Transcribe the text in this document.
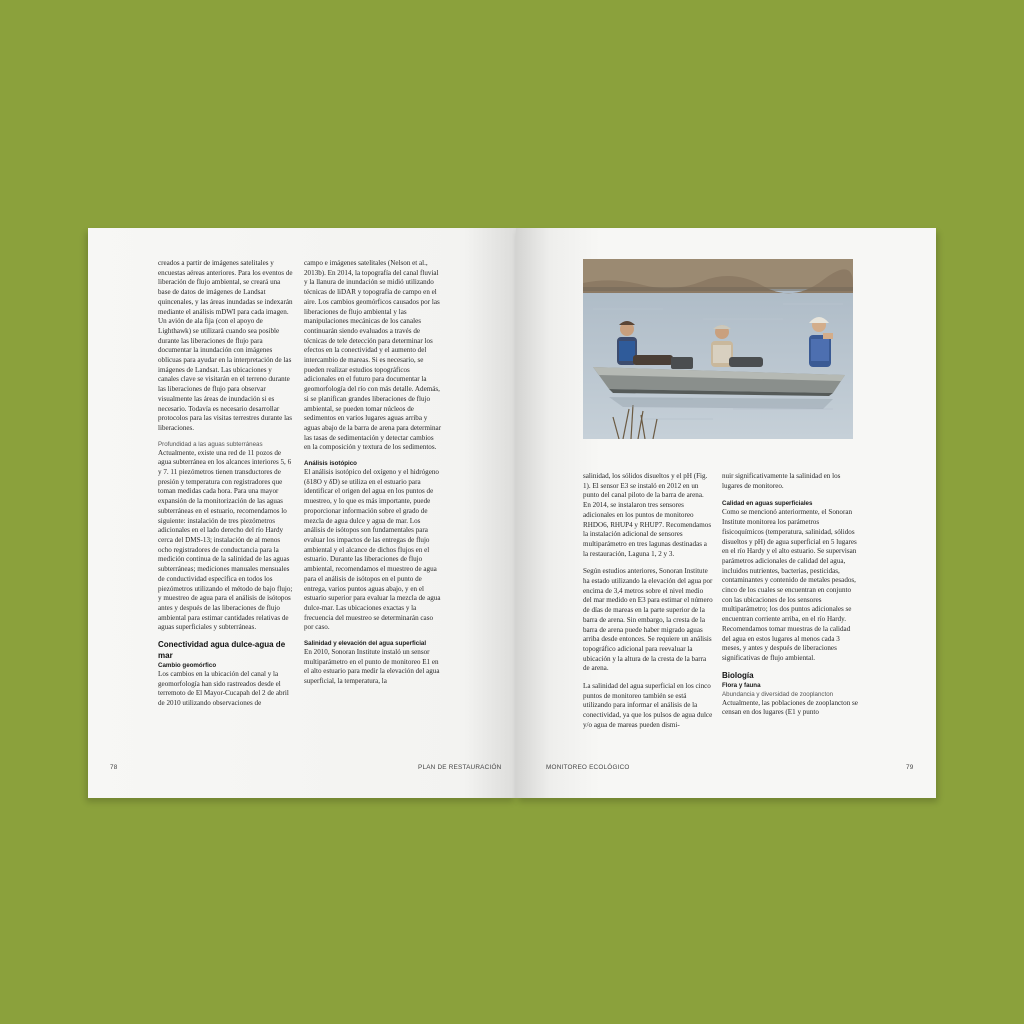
creados a partir de imágenes satelitales y encuestas aéreas anteriores. Para los eventos de liberación de flujo ambiental, se creará una base de datos de imágenes de Landsat quincenales, y las áreas inundadas se indexarán mediante el análisis mDWI para cada imagen. Un avión de ala fija (con el apoyo de Lighthawk) se utilizará cuando sea posible durante las liberaciones de flujo para documentar la inundación con imágenes oblicuas para ayudar en la interpretación de las imágenes de Landsat. Las ubicaciones y canales clave se visitarán en el terreno durante las liberaciones de flujo para observar visualmente las áreas de inundación si es necesario. Todavía es necesario desarrollar protocolos para las visitas terrestres durante las liberaciones.

Profundidad a las aguas subterráneas

Actualmente, existe una red de 11 pozos de agua subterránea en los alcances interiores 5, 6 y 7. 11 piezómetros tienen transductores de presión y temperatura con registradores que toman medidas cada hora. Para una mayor expansión de la monitorización de las aguas subterráneas en el estuario, recomendamos lo siguiente: instalación de tres piezómetros adicionales en el lado derecho del río Hardy cerca del DMS-13; instalación de al menos ocho registradores de conductancia para la medición continua de la salinidad de las aguas subterráneas; mediciones manuales mensuales de conductividad específica en todos los piezómetros utilizando el método de bajo flujo; y muestreo de agua para el análisis de isótopos antes y después de las liberaciones de flujo ambiental para estimar cantidades relativas de aguas superficiales y subterráneas.

Conectividad agua dulce-agua de mar
Cambio geomórfico

Los cambios en la ubicación del canal y la geomorfología han sido rastreados desde el terremoto de El Mayor-Cucapah del 2 de abril de 2010 utilizando observaciones de

campo e imágenes satelitales (Nelson et al., 2013b). En 2014, la topografía del canal fluvial y la llanura de inundación se midió utilizando técnicas de liDAR y topografía de campo en el aire. Los cambios geomórficos causados por las liberaciones de flujo ambiental y las manipulaciones mecánicas de los canales continuarán siendo evaluados a través de técnicas de tele detección para determinar los efectos en la conectividad y el aumento del intercambio de mareas. Si es necesario, se pueden realizar estudios topográficos adicionales en el futuro para documentar la geomorfología del río con más detalle. Además, si se planifican grandes liberaciones de flujo ambiental, se pueden tomar núcleos de sedimentos en varios lugares aguas arriba y aguas abajo de la barra de arena para determinar las tasas de sedimentación y detectar cambios en la composición y textura de los sedimentos.

Análisis isotópico

El análisis isotópico del oxígeno y el hidrógeno (δ18O y δD) se utiliza en el estuario para identificar el origen del agua en los puntos de muestreo, y lo que es más importante, puede proporcionar información sobre el grado de mezcla de agua dulce y agua de mar. Los análisis de isótopos son fundamentales para evaluar los impactos de las entregas de flujo ambiental y el alcance de dichos flujos en el estuario. Durante las liberaciones de flujo ambiental, recomendamos el muestreo de agua para el análisis de isótopos en el punto de entrega, varios puntos aguas abajo, y en el estuario superior para evaluar la mezcla de agua dulce-mar. Las ubicaciones exactas y la frecuencia del muestreo se determinarán caso por caso.

Salinidad y elevación del agua superficial

En 2010, Sonoran Institute instaló un sensor multiparámetro en el punto de monitoreo E1 en el alto estuario para medir la elevación del agua superficial, la temperatura, la

78	PLAN DE RESTAURACIÓN

salinidad, los sólidos disueltos y el pH (Fig. 1). El sensor E3 se instaló en 2012 en un punto del canal piloto de la barra de arena. En 2014, se instalaron tres sensores adicionales en los puntos de monitoreo RHDO6, RHUP4 y RHUP7. Recomendamos la instalación adicional de sensores multiparámetro en tres lagunas destinadas a la restauración, Laguna 1, 2 y 3.

Según estudios anteriores, Sonoran Institute ha estado utilizando la elevación del agua por encima de 3,4 metros sobre el nivel medio del mar medido en E3 para estimar el número de días de mareas en la parte superior de la barra de arena. Sin embargo, la cresta de la barra de arena puede haber migrado aguas arriba desde entonces. Se requiere un análisis topográfico adicional para reevaluar la ubicación y la altura de la cresta de la barra de arena.

La salinidad del agua superficial en los cinco puntos de monitoreo también se está utilizando para informar el análisis de la conectividad, ya que los pulsos de agua dulce y/o agua de mareas pueden dismi-

nuir significativamente la salinidad en los lugares de monitoreo.

Calidad en aguas superficiales

Como se mencionó anteriormente, el Sonoran Institute monitorea los parámetros fisicoquímicos (temperatura, salinidad, sólidos disueltos y pH) de agua superficial en 5 lugares en el río Hardy y el alto estuario. Se supervisan parámetros adicionales de calidad del agua, incluidos nutrientes, bacterias, pesticidas, contaminantes y contenido de metales pesados, cinco de los cuales se encuentran en conjunto con las ubicaciones de los sensores multiparámetro; los dos puntos adicionales se encuentran corriente arriba, en el río Hardy. Recomendamos tomar muestras de la calidad del agua en estos lugares al menos cada 3 meses, y antes y después de liberaciones significativas de flujo ambiental.

Biología
Flora y fauna
Abundancia y diversidad de zooplancton

Actualmente, las poblaciones de zooplancton se censan en dos lugares (E1 y punto

MONITOREO ECOLÓGICO	79
